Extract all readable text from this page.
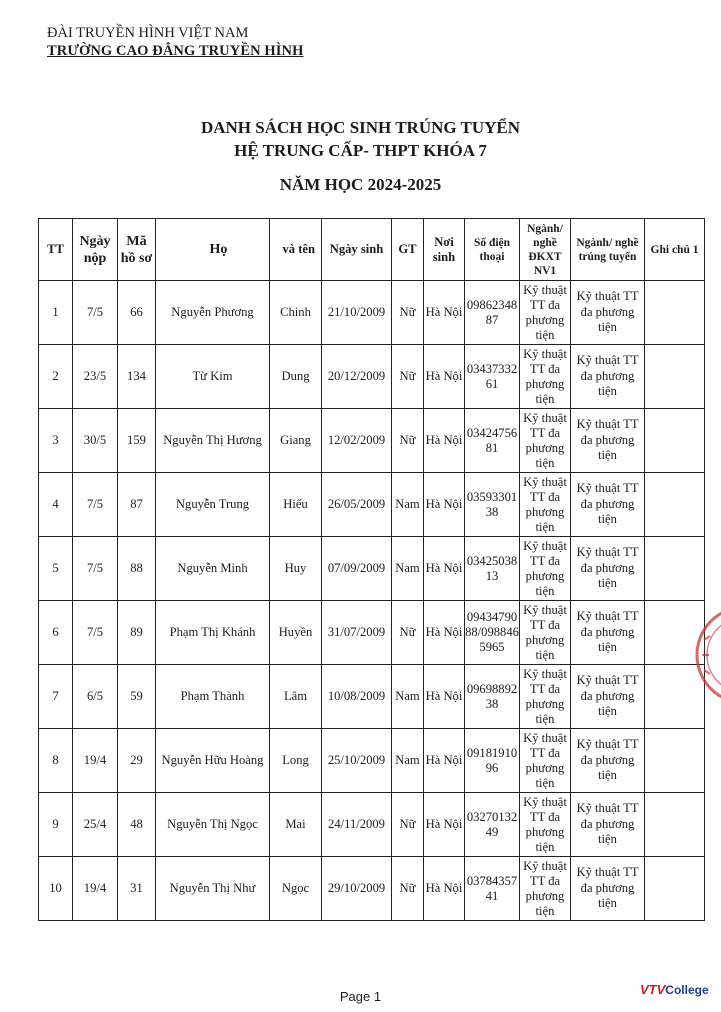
ĐÀI TRUYỀN HÌNH VIỆT NAM
TRƯỜNG CAO ĐẲNG TRUYỀN HÌNH
DANH SÁCH HỌC SINH TRÚNG TUYỂN
HỆ TRUNG CẤP- THPT KHÓA 7
NĂM HỌC 2024-2025
TT	Ngày nộp	Mã hồ sơ	Họ	và tên	Ngày sinh	GT	Nơi sinh	Số điện thoại	Ngành/ nghề ĐKXT NV1	Ngành/ nghề trúng tuyển	Ghi chú 1
1	7/5	66	Nguyễn Phương	Chinh	21/10/2009	Nữ	Hà Nội	0986234887	Kỹ thuật TT đa phương tiện	Kỹ thuật TT đa phương tiện	
2	23/5	134	Từ Kim	Dung	20/12/2009	Nữ	Hà Nội	0343733261	Kỹ thuật TT đa phương tiện	Kỹ thuật TT đa phương tiện	
3	30/5	159	Nguyễn Thị Hương	Giang	12/02/2009	Nữ	Hà Nội	0342475681	Kỹ thuật TT đa phương tiện	Kỹ thuật TT đa phương tiện	
4	7/5	87	Nguyễn Trung	Hiếu	26/05/2009	Nam	Hà Nội	0359330138	Kỹ thuật TT đa phương tiện	Kỹ thuật TT đa phương tiện	
5	7/5	88	Nguyễn Minh	Huy	07/09/2009	Nam	Hà Nội	0342503813	Kỹ thuật TT đa phương tiện	Kỹ thuật TT đa phương tiện	
6	7/5	89	Phạm Thị Khánh	Huyền	31/07/2009	Nữ	Hà Nội	0943479088/0988465965	Kỹ thuật TT đa phương tiện	Kỹ thuật TT đa phương tiện	
7	6/5	59	Phạm Thành	Lâm	10/08/2009	Nam	Hà Nội	0969889238	Kỹ thuật TT đa phương tiện	Kỹ thuật TT đa phương tiện	
8	19/4	29	Nguyễn Hữu Hoàng	Long	25/10/2009	Nam	Hà Nội	0918191096	Kỹ thuật TT đa phương tiện	Kỹ thuật TT đa phương tiện	
9	25/4	48	Nguyễn Thị Ngọc	Mai	24/11/2009	Nữ	Hà Nội	0327013249	Kỹ thuật TT đa phương tiện	Kỹ thuật TT đa phương tiện	
10	19/4	31	Nguyễn Thị Như	Ngọc	29/10/2009	Nữ	Hà Nội	0378435741	Kỹ thuật TT đa phương tiện	Kỹ thuật TT đa phương tiện	
Page 1	VTVCollege
